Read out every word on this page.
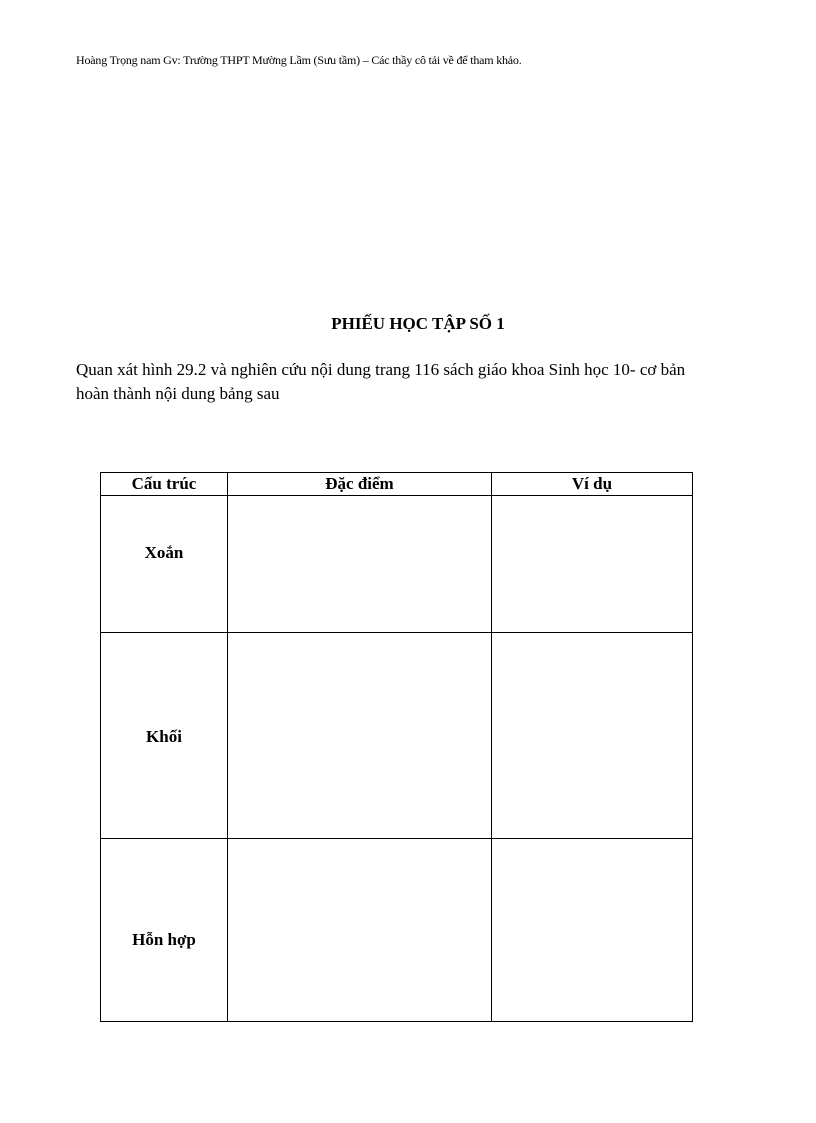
Hoàng Trọng nam Gv: Trường THPT Mường Lầm (Sưu tầm) – Các thầy cô tải về để tham khảo.
PHIẾU HỌC TẬP SỐ 1
Quan xát hình 29.2 và nghiên cứu nội dung trang 116 sách giáo khoa Sinh học 10- cơ bản
hoàn thành nội dung bảng sau
Cấu trúc	Đặc điểm	Ví dụ

Xoắn		

Khối		

Hỗn hợp		
